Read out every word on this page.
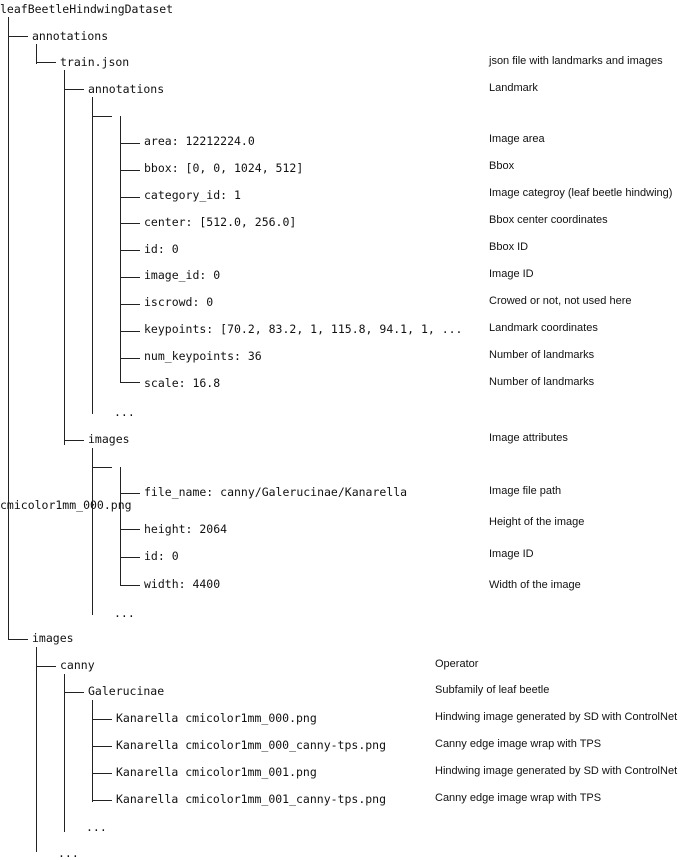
leafBeetleHindwingDataset
...
...
...
...
annotations
train.json
annotations
area: 12212224.0
bbox: [0, 0, 1024, 512]
category_id: 1
center: [512.0, 256.0]
id: 0
image_id: 0
iscrowd: 0
keypoints: [70.2, 83.2, 1, 115.8, 94.1, 1, ...
num_keypoints: 36
scale: 16.8
images
file_name: canny/Galerucinae/Kanarella
cmicolor1mm_000.png
height: 2064
id: 0
width: 4400
images
canny
Galerucinae
Kanarella cmicolor1mm_000.png
Kanarella cmicolor1mm_000_canny-tps.png
Kanarella cmicolor1mm_001.png
Kanarella cmicolor1mm_001_canny-tps.png
json file with landmarks and images
Landmark
Image area
Bbox
Image categroy (leaf beetle hindwing)
Bbox center coordinates
Bbox ID
Image ID
Crowed or not, not used here
Landmark coordinates
Number of landmarks
Number of landmarks
Image attributes
Image file path
Height of the image
Image ID
Width of the image
Operator
Subfamily of leaf beetle
Hindwing image generated by SD with ControlNet
Canny edge image wrap with TPS
Hindwing image generated by SD with ControlNet
Canny edge image wrap with TPS
